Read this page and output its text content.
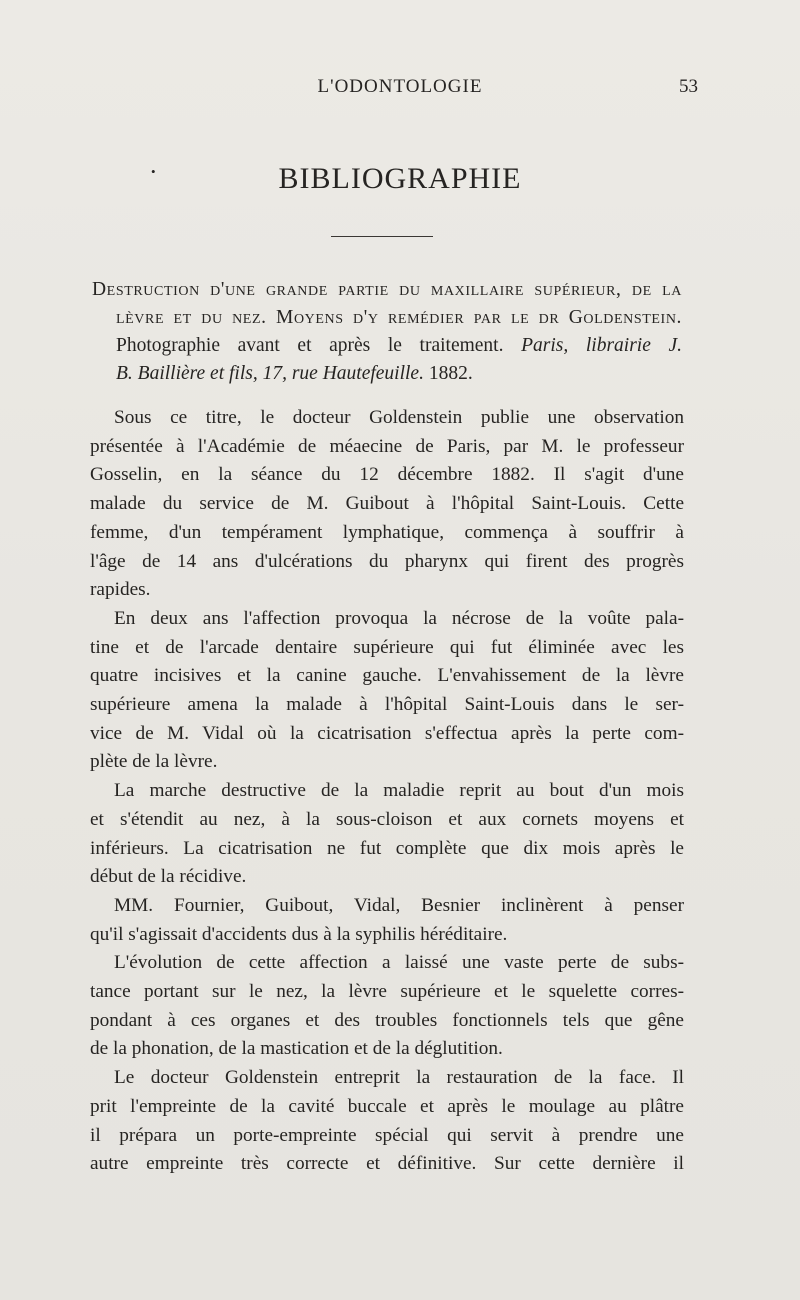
L'ODONTOLOGIE	53
•	BIBLIOGRAPHIE
Destruction d'une grande partie du maxillaire supérieur, de la
lèvre et du nez. Moyens d'y remédier par le dr Goldenstein.
Photographie avant et après le traitement. Paris, librairie J.
B. Baillière et fils, 17, rue Hautefeuille. 1882.

Sous ce titre, le docteur Goldenstein publie une observation
présentée à l'Académie de méaecine de Paris, par M. le professeur
Gosselin, en la séance du 12 décembre 1882. Il s'agit d'une
malade du service de M. Guibout à l'hôpital Saint-Louis. Cette
femme, d'un tempérament lymphatique, commença à souffrir à
l'âge de 14 ans d'ulcérations du pharynx qui firent des progrès
rapides.

En deux ans l'affection provoqua la nécrose de la voûte pala-
tine et de l'arcade dentaire supérieure qui fut éliminée avec les
quatre incisives et la canine gauche. L'envahissement de la lèvre
supérieure amena la malade à l'hôpital Saint-Louis dans le ser-
vice de M. Vidal où la cicatrisation s'effectua après la perte com-
plète de la lèvre.

La marche destructive de la maladie reprit au bout d'un mois
et s'étendit au nez, à la sous-cloison et aux cornets moyens et
inférieurs. La cicatrisation ne fut complète que dix mois après le
début de la récidive.

MM. Fournier, Guibout, Vidal, Besnier inclinèrent à penser
qu'il s'agissait d'accidents dus à la syphilis héréditaire.

L'évolution de cette affection a laissé une vaste perte de subs-
tance portant sur le nez, la lèvre supérieure et le squelette corres-
pondant à ces organes et des troubles fonctionnels tels que gêne
de la phonation, de la mastication et de la déglutition.

Le docteur Goldenstein entreprit la restauration de la face. Il
prit l'empreinte de la cavité buccale et après le moulage au plâtre
il prépara un porte-empreinte spécial qui servit à prendre une
autre empreinte très correcte et définitive. Sur cette dernière il
